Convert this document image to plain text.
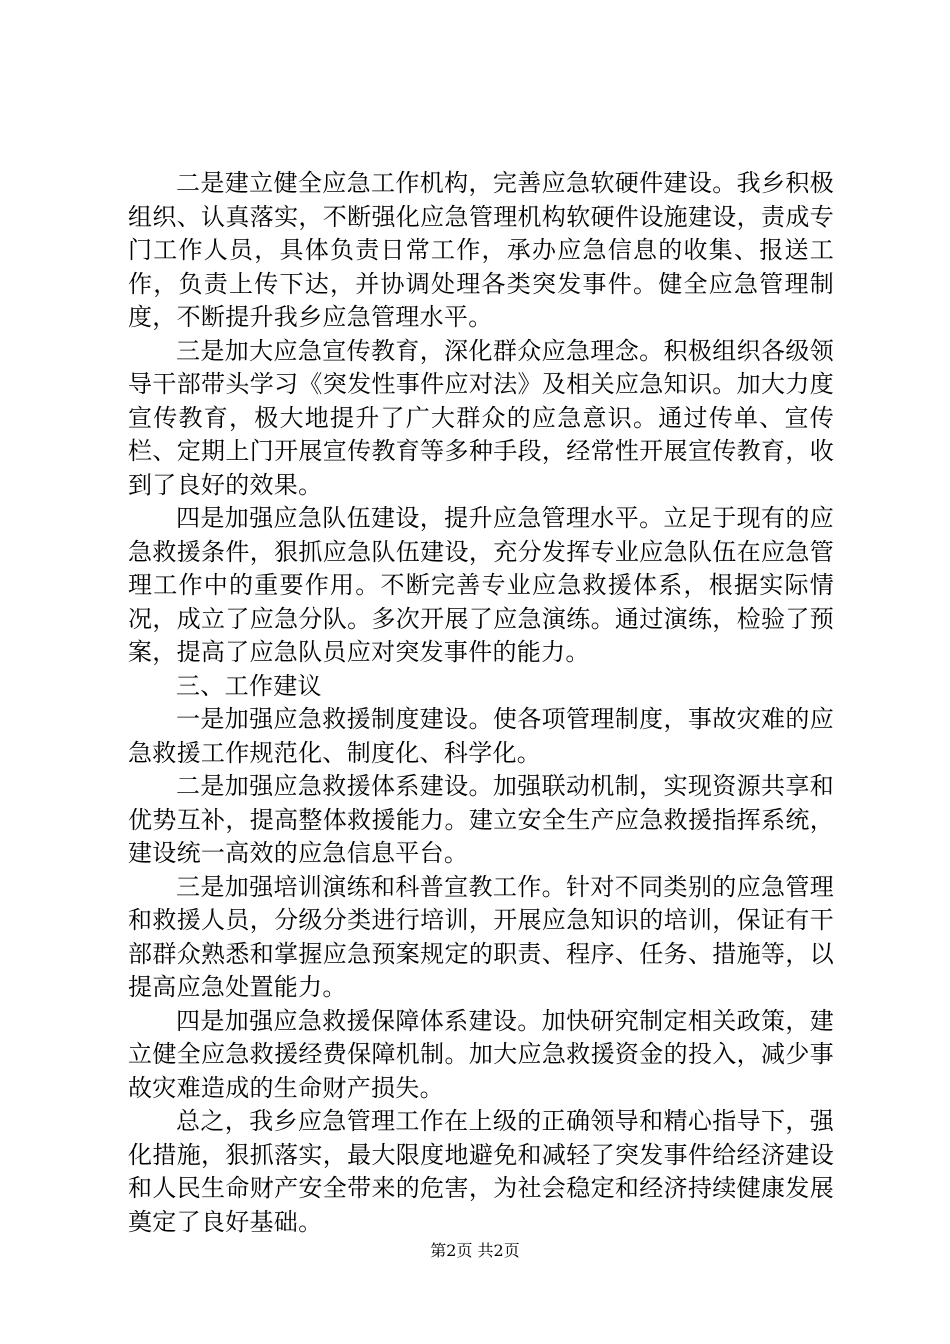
二是建立健全应急工作机构，完善应急软硬件建设。我乡积极组织、认真落实，不断强化应急管理机构软硬件设施建设，责成专门工作人员，具体负责日常工作，承办应急信息的收集、报送工作，负责上传下达，并协调处理各类突发事件。健全应急管理制度，不断提升我乡应急管理水平。

三是加大应急宣传教育，深化群众应急理念。积极组织各级领导干部带头学习《突发性事件应对法》及相关应急知识。加大力度宣传教育，极大地提升了广大群众的应急意识。通过传单、宣传栏、定期上门开展宣传教育等多种手段，经常性开展宣传教育，收到了良好的效果。

四是加强应急队伍建设，提升应急管理水平。立足于现有的应急救援条件，狠抓应急队伍建设，充分发挥专业应急队伍在应急管理工作中的重要作用。不断完善专业应急救援体系，根据实际情况，成立了应急分队。多次开展了应急演练。通过演练，检验了预案，提高了应急队员应对突发事件的能力。

三、工作建议

一是加强应急救援制度建设。使各项管理制度，事故灾难的应急救援工作规范化、制度化、科学化。

二是加强应急救援体系建设。加强联动机制，实现资源共享和优势互补，提高整体救援能力。建立安全生产应急救援指挥系统，建设统一高效的应急信息平台。

三是加强培训演练和科普宣教工作。针对不同类别的应急管理和救援人员，分级分类进行培训，开展应急知识的培训，保证有干部群众熟悉和掌握应急预案规定的职责、程序、任务、措施等，以提高应急处置能力。

四是加强应急救援保障体系建设。加快研究制定相关政策，建立健全应急救援经费保障机制。加大应急救援资金的投入，减少事故灾难造成的生命财产损失。

总之，我乡应急管理工作在上级的正确领导和精心指导下，强化措施，狠抓落实，最大限度地避免和减轻了突发事件给经济建设和人民生命财产安全带来的危害，为社会稳定和经济持续健康发展奠定了良好基础。

第2页 共2页
